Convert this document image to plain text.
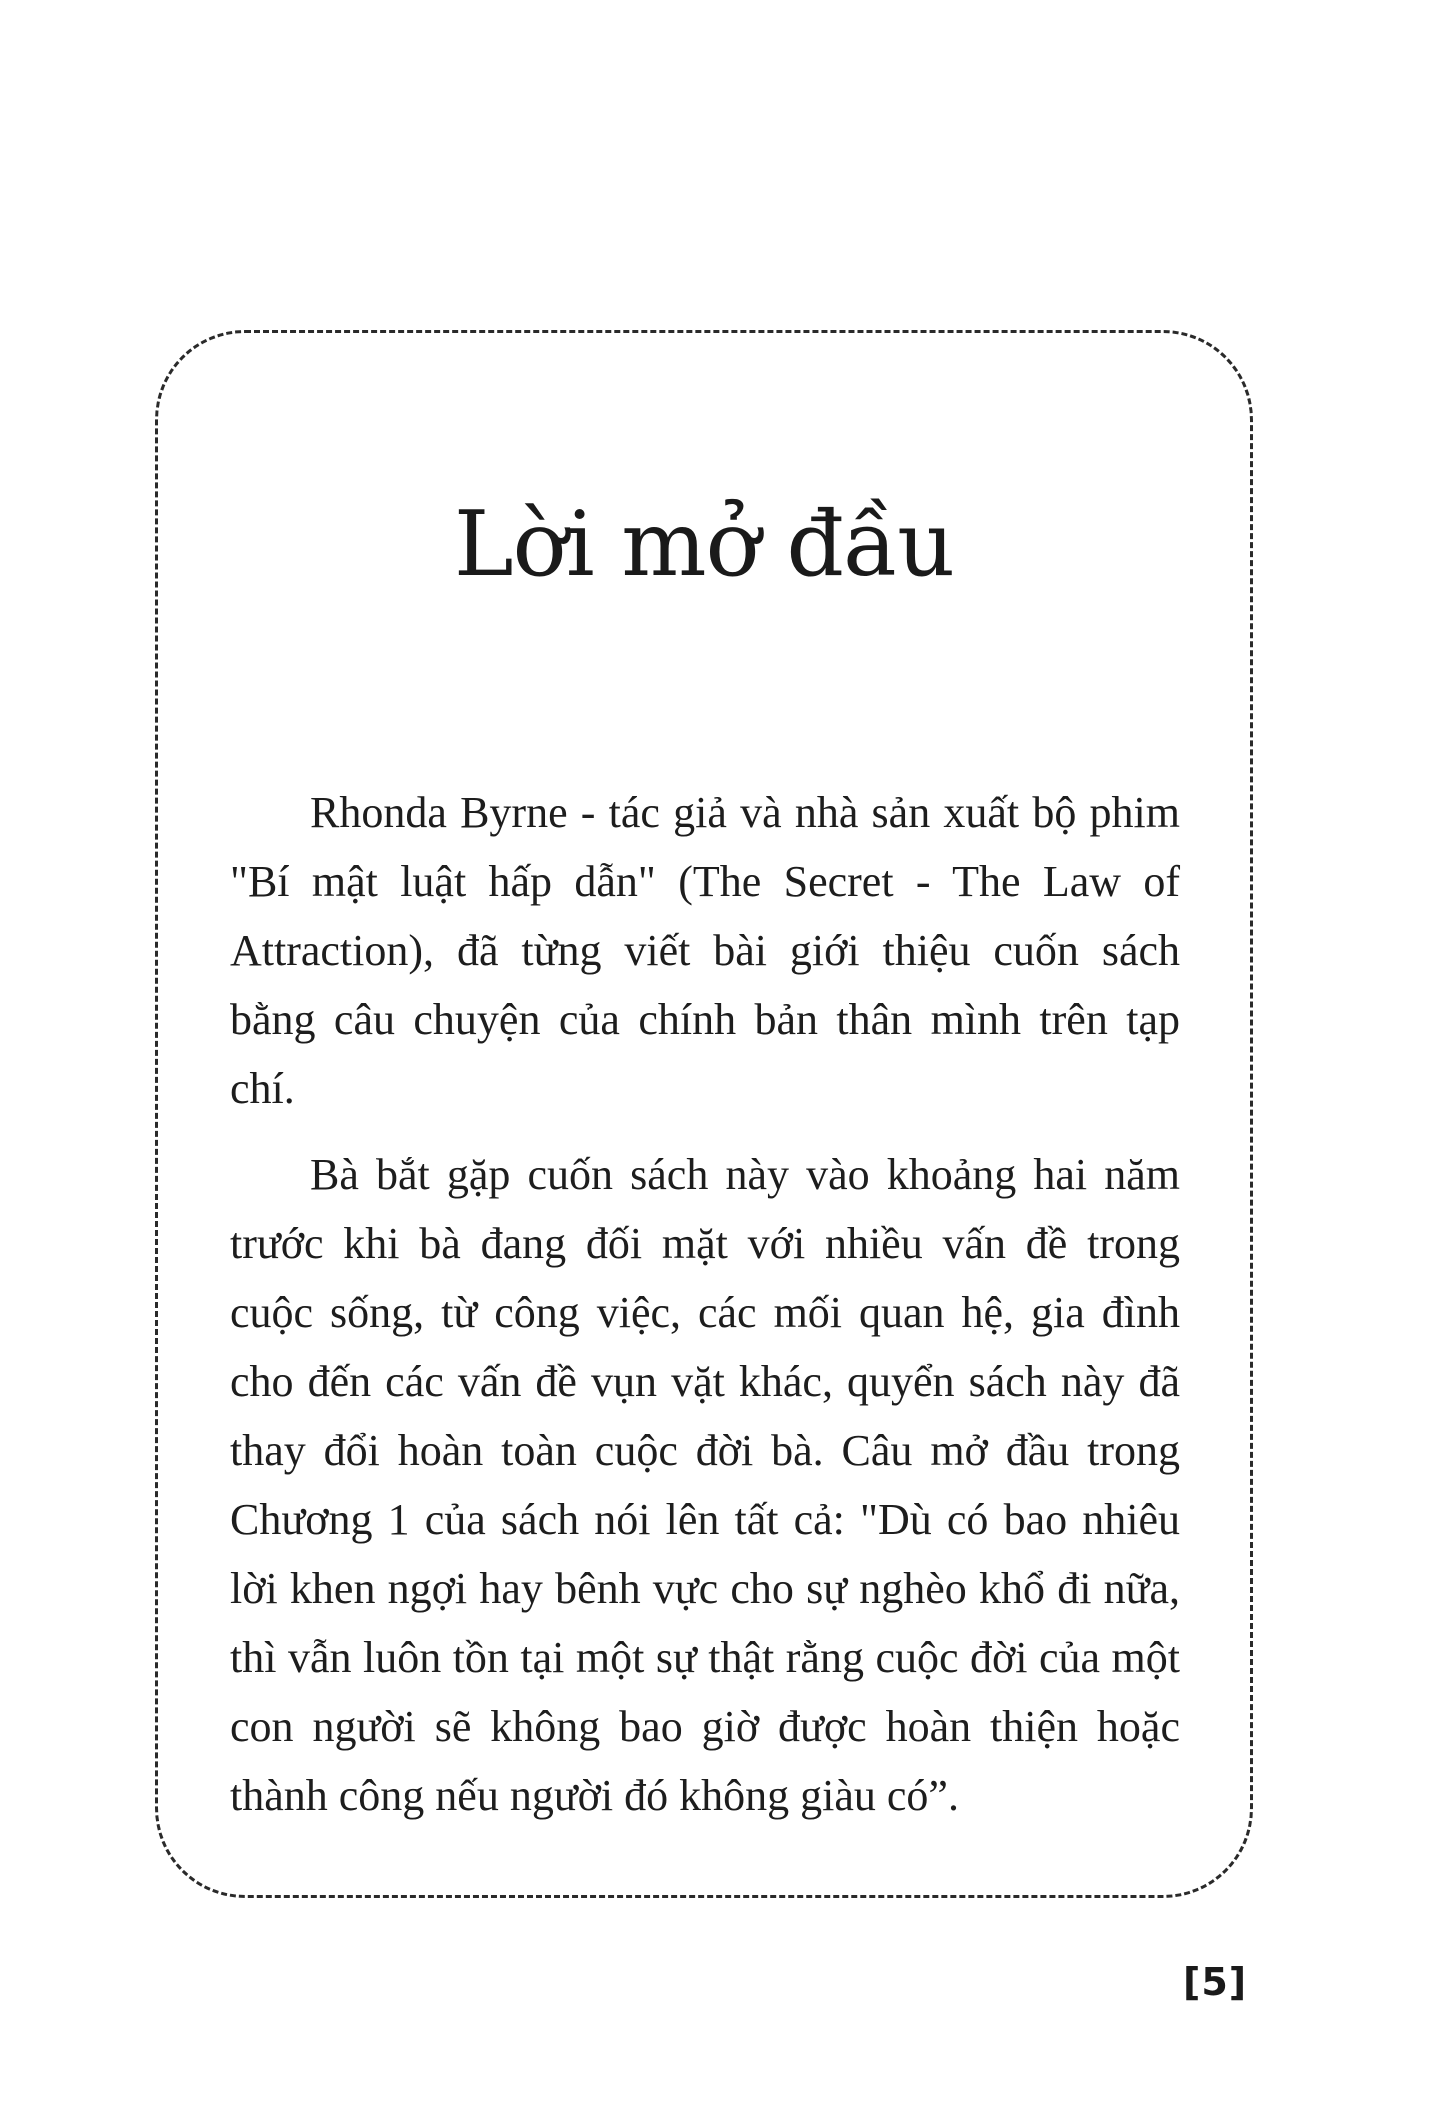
Lời mở đầu

Rhonda Byrne - tác giả và nhà sản xuất bộ phim "Bí mật luật hấp dẫn" (The Secret - The Law of Attraction), đã từng viết bài giới thiệu cuốn sách bằng câu chuyện của chính bản thân mình trên tạp chí.

Bà bắt gặp cuốn sách này vào khoảng hai năm trước khi bà đang đối mặt với nhiều vấn đề trong cuộc sống, từ công việc, các mối quan hệ, gia đình cho đến các vấn đề vụn vặt khác, quyển sách này đã thay đổi hoàn toàn cuộc đời bà. Câu mở đầu trong Chương 1 của sách nói lên tất cả: "Dù có bao nhiêu lời khen ngợi hay bênh vực cho sự nghèo khổ đi nữa, thì vẫn luôn tồn tại một sự thật rằng cuộc đời của một con người sẽ không bao giờ được hoàn thiện hoặc thành công nếu người đó không giàu có”.

[5]
